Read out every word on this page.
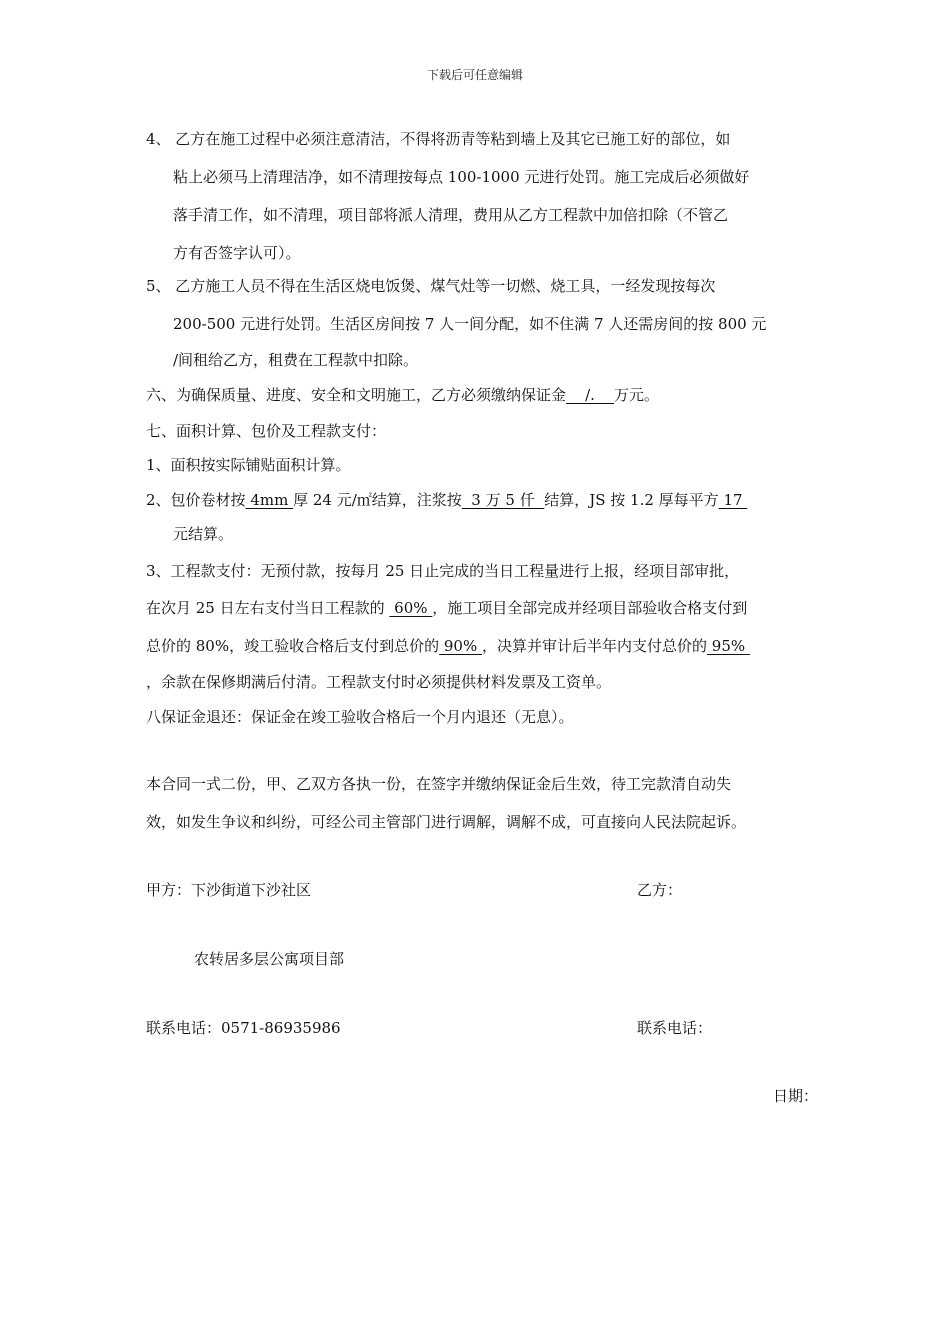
下载后可任意编辑
4、 乙方在施工过程中必须注意清洁，不得将沥青等粘到墙上及其它已施工好的部位，如
粘上必须马上清理洁净，如不清理按每点 100-1000 元进行处罚。施工完成后必须做好
落手清工作，如不清理，项目部将派人清理，费用从乙方工程款中加倍扣除（不管乙
方有否签字认可）。
5、 乙方施工人员不得在生活区烧电饭煲、煤气灶等一切燃、烧工具，一经发现按每次
200-500 元进行处罚。生活区房间按 7 人一间分配，如不住满 7 人还需房间的按 800 元
/间租给乙方，租费在工程款中扣除。
六、为确保质量、进度、安全和文明施工，乙方必须缴纳保证金    /.    万元。
七、面积计算、包价及工程款支付：
1、面积按实际铺贴面积计算。
2、包价卷材按 4mm 厚 24 元/㎡结算，注浆按  3 万 5 仟  结算，JS 按 1.2 厚每平方 17
元结算。
3、工程款支付：无预付款，按每月 25 日止完成的当日工程量进行上报，经项目部审批，
在次月 25 日左右支付当日工程款的  60% ，施工项目全部完成并经项目部验收合格支付到
总价的 80%，竣工验收合格后支付到总价的 90% ，决算并审计后半年内支付总价的 95%
，余款在保修期满后付清。工程款支付时必须提供材料发票及工资单。
八保证金退还：保证金在竣工验收合格后一个月内退还（无息）。
本合同一式二份，甲、乙双方各执一份，在签字并缴纳保证金后生效，待工完款清自动失
效，如发生争议和纠纷，可经公司主管部门进行调解，调解不成，可直接向人民法院起诉。
甲方：下沙街道下沙社区	乙方：
农转居多层公寓项目部
联系电话：0571-86935986	联系电话：
日期：
